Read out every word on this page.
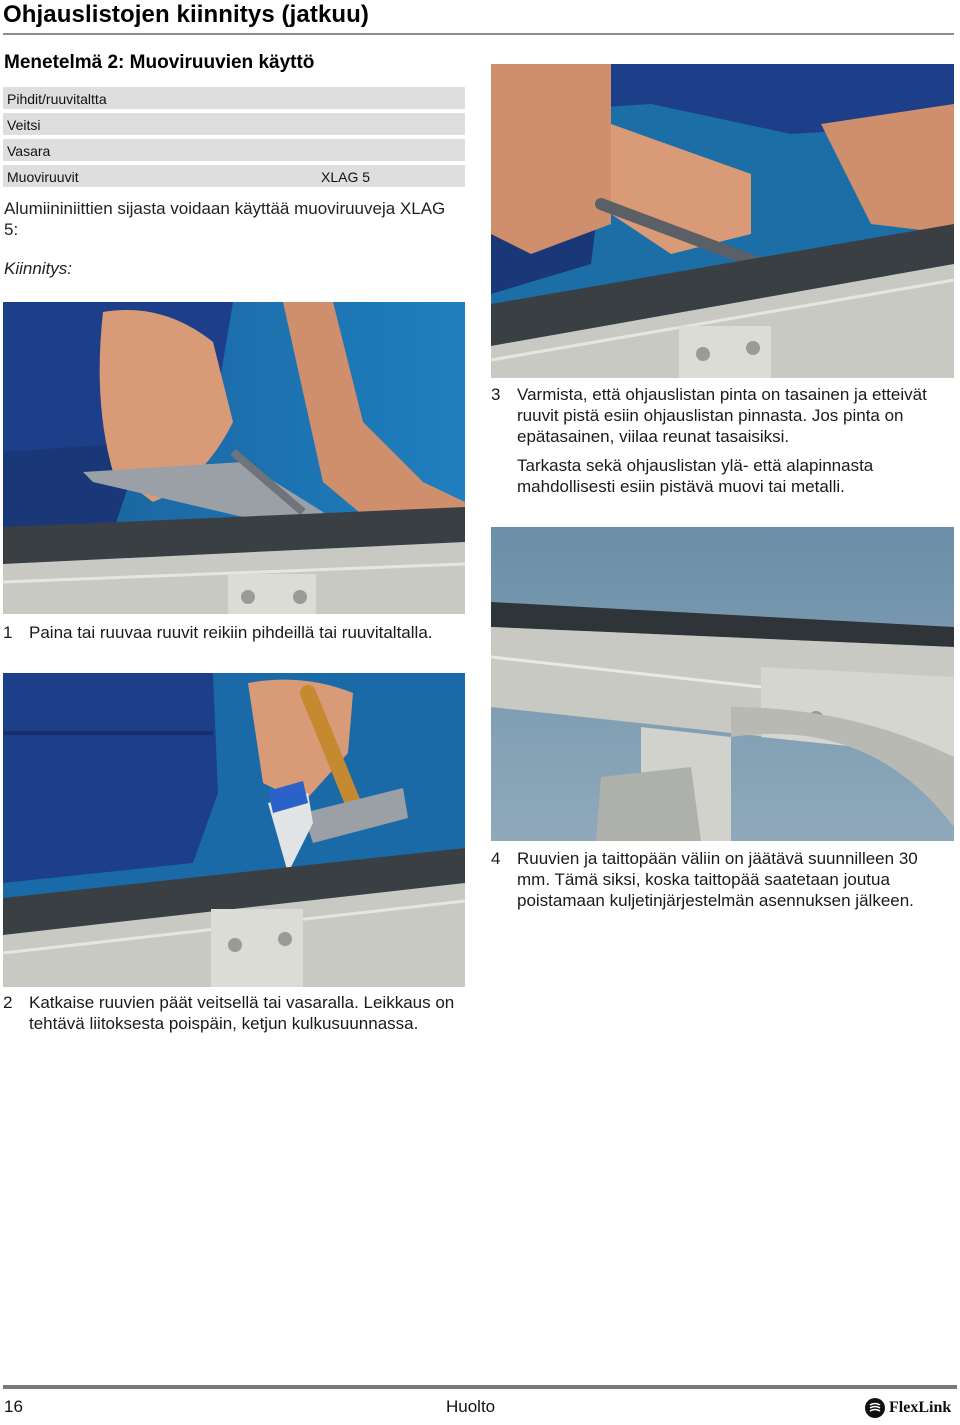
Ohjauslistojen kiinnitys (jatkuu)
Menetelmä 2: Muoviruuvien käyttö
Pihdit/ruuvitaltta
Veitsi
Vasara
Muoviruuvit	XLAG 5
Alumiininiittien sijasta voidaan käyttää muoviruuveja XLAG 5:
Kiinnitys:
1 Paina tai ruuvaa ruuvit reikiin pihdeillä tai ruuvitaltalla.
2 Katkaise ruuvien päät veitsellä tai vasaralla. Leikkaus on tehtävä liitoksesta poispäin, ketjun kulkusuunnassa.
3 Varmista, että ohjauslistan pinta on tasainen ja etteivät ruuvit pistä esiin ohjauslistan pinnasta. Jos pinta on epätasainen, viilaa reunat tasaisiksi.
Tarkasta sekä ohjauslistan ylä- että alapinnasta mahdollisesti esiin pistävä muovi tai metalli.
4 Ruuvien ja taittopään väliin on jäätävä suunnilleen 30 mm. Tämä siksi, koska taittopää saatetaan joutua poistamaan kuljetinjärjestelmän asennuksen jälkeen.
16	Huolto	FlexLink
